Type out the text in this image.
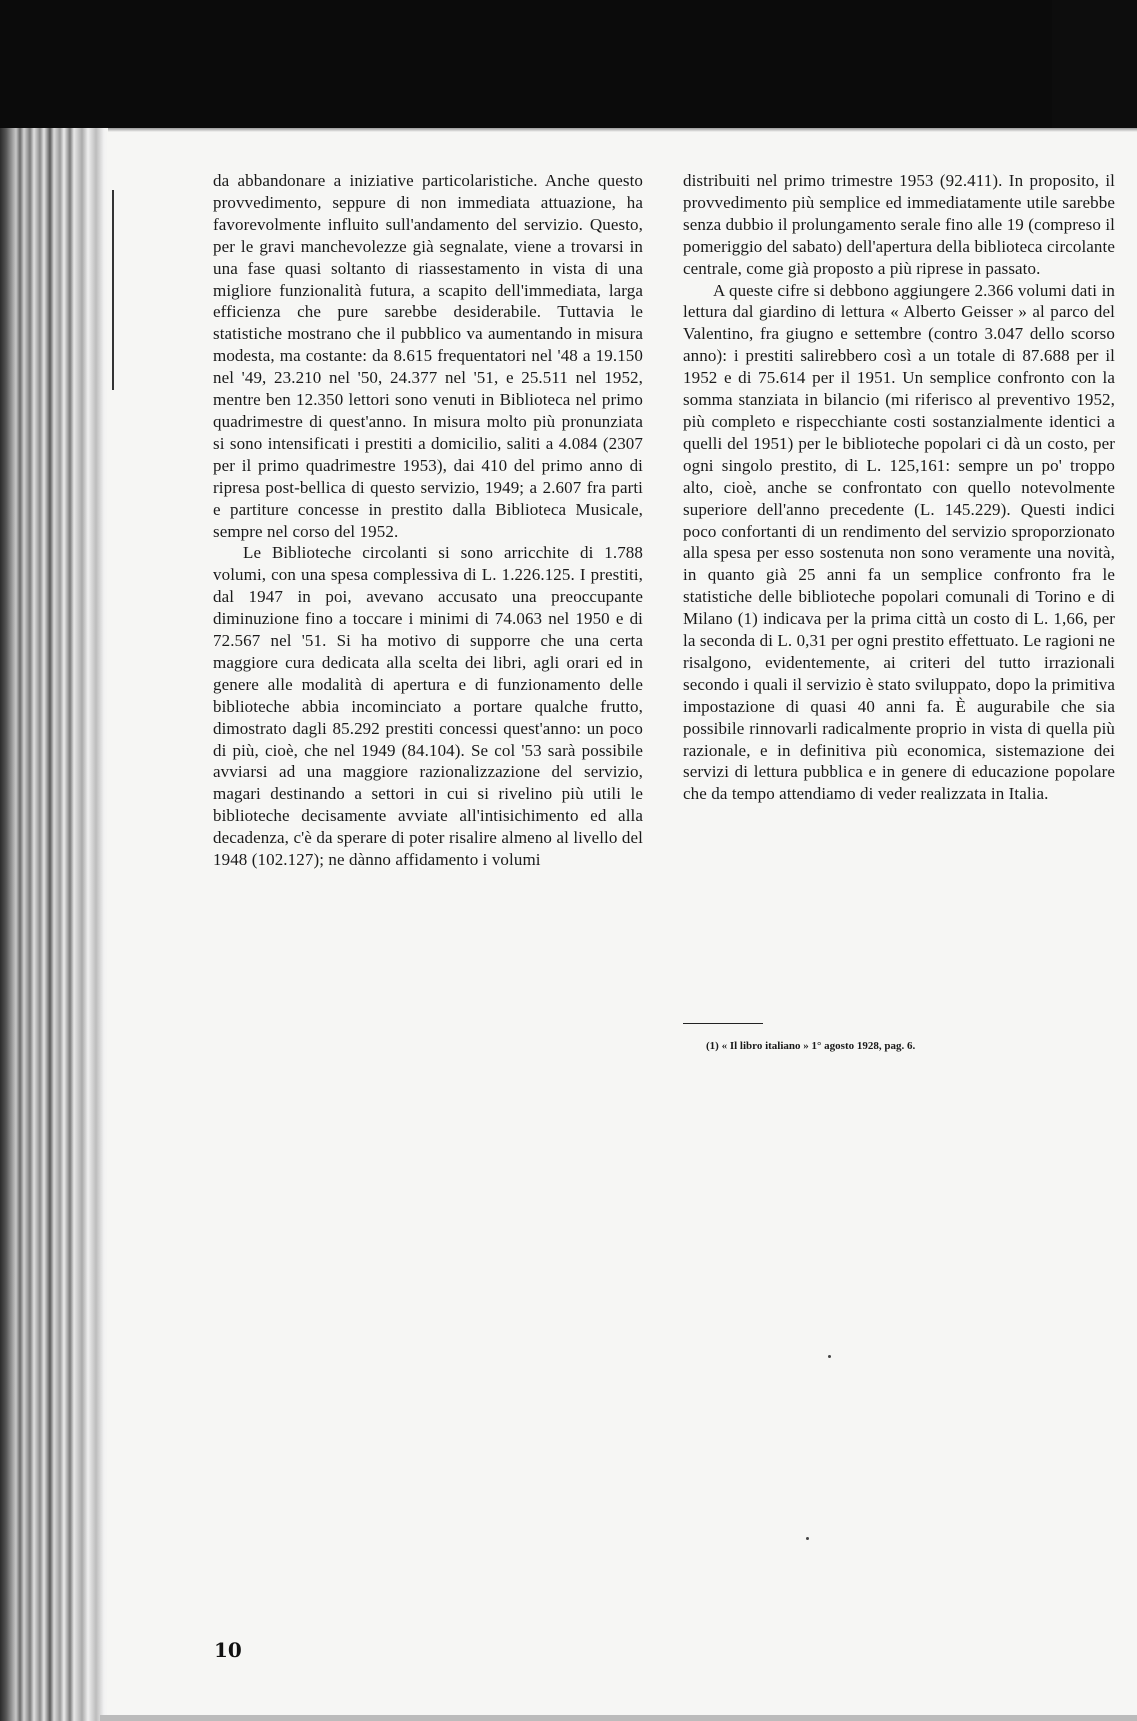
da abbandonare a iniziative particolaristiche. Anche questo provvedimento, seppure di non immediata attuazione, ha favorevolmente influito sull'andamento del servizio. Questo, per le gravi manchevolezze già segnalate, viene a trovarsi in una fase quasi soltanto di riassestamento in vista di una migliore funzionalità futura, a scapito dell'immediata, larga efficienza che pure sarebbe desiderabile. Tuttavia le statistiche mostrano che il pubblico va aumentando in misura modesta, ma costante: da 8.615 frequentatori nel '48 a 19.150 nel '49, 23.210 nel '50, 24.377 nel '51, e 25.511 nel 1952, mentre ben 12.350 lettori sono venuti in Biblioteca nel primo quadrimestre di quest'anno. In misura molto più pronunziata si sono intensificati i prestiti a domicilio, saliti a 4.084 (2307 per il primo quadrimestre 1953), dai 410 del primo anno di ripresa post-bellica di questo servizio, 1949; a 2.607 fra parti e partiture concesse in prestito dalla Biblioteca Musicale, sempre nel corso del 1952.

Le Biblioteche circolanti si sono arricchite di 1.788 volumi, con una spesa complessiva di L. 1.226.125. I prestiti, dal 1947 in poi, avevano accusato una preoccupante diminuzione fino a toccare i minimi di 74.063 nel 1950 e di 72.567 nel '51. Si ha motivo di supporre che una certa maggiore cura dedicata alla scelta dei libri, agli orari ed in genere alle modalità di apertura e di funzionamento delle biblioteche abbia incominciato a portare qualche frutto, dimostrato dagli 85.292 prestiti concessi quest'anno: un poco di più, cioè, che nel 1949 (84.104). Se col '53 sarà possibile avviarsi ad una maggiore razionalizzazione del servizio, magari destinando a settori in cui si rivelino più utili le biblioteche decisamente avviate all'intisichimento ed alla decadenza, c'è da sperare di poter risalire almeno al livello del 1948 (102.127); ne dànno affidamento i volumi

distribuiti nel primo trimestre 1953 (92.411). In proposito, il provvedimento più semplice ed immediatamente utile sarebbe senza dubbio il prolungamento serale fino alle 19 (compreso il pomeriggio del sabato) dell'apertura della biblioteca circolante centrale, come già proposto a più riprese in passato.

A queste cifre si debbono aggiungere 2.366 volumi dati in lettura dal giardino di lettura « Alberto Geisser » al parco del Valentino, fra giugno e settembre (contro 3.047 dello scorso anno): i prestiti salirebbero così a un totale di 87.688 per il 1952 e di 75.614 per il 1951. Un semplice confronto con la somma stanziata in bilancio (mi riferisco al preventivo 1952, più completo e rispecchiante costi sostanzialmente identici a quelli del 1951) per le biblioteche popolari ci dà un costo, per ogni singolo prestito, di L. 125,161: sempre un po' troppo alto, cioè, anche se confrontato con quello notevolmente superiore dell'anno precedente (L. 145.229). Questi indici poco confortanti di un rendimento del servizio sproporzionato alla spesa per esso sostenuta non sono veramente una novità, in quanto già 25 anni fa un semplice confronto fra le statistiche delle biblioteche popolari comunali di Torino e di Milano (1) indicava per la prima città un costo di L. 1,66, per la seconda di L. 0,31 per ogni prestito effettuato. Le ragioni ne risalgono, evidentemente, ai criteri del tutto irrazionali secondo i quali il servizio è stato sviluppato, dopo la primitiva impostazione di quasi 40 anni fa. È augurabile che sia possibile rinnovarli radicalmente proprio in vista di quella più razionale, e in definitiva più economica, sistemazione dei servizi di lettura pubblica e in genere di educazione popolare che da tempo attendiamo di veder realizzata in Italia.

(1) « Il libro italiano » 1° agosto 1928, pag. 6.
10
